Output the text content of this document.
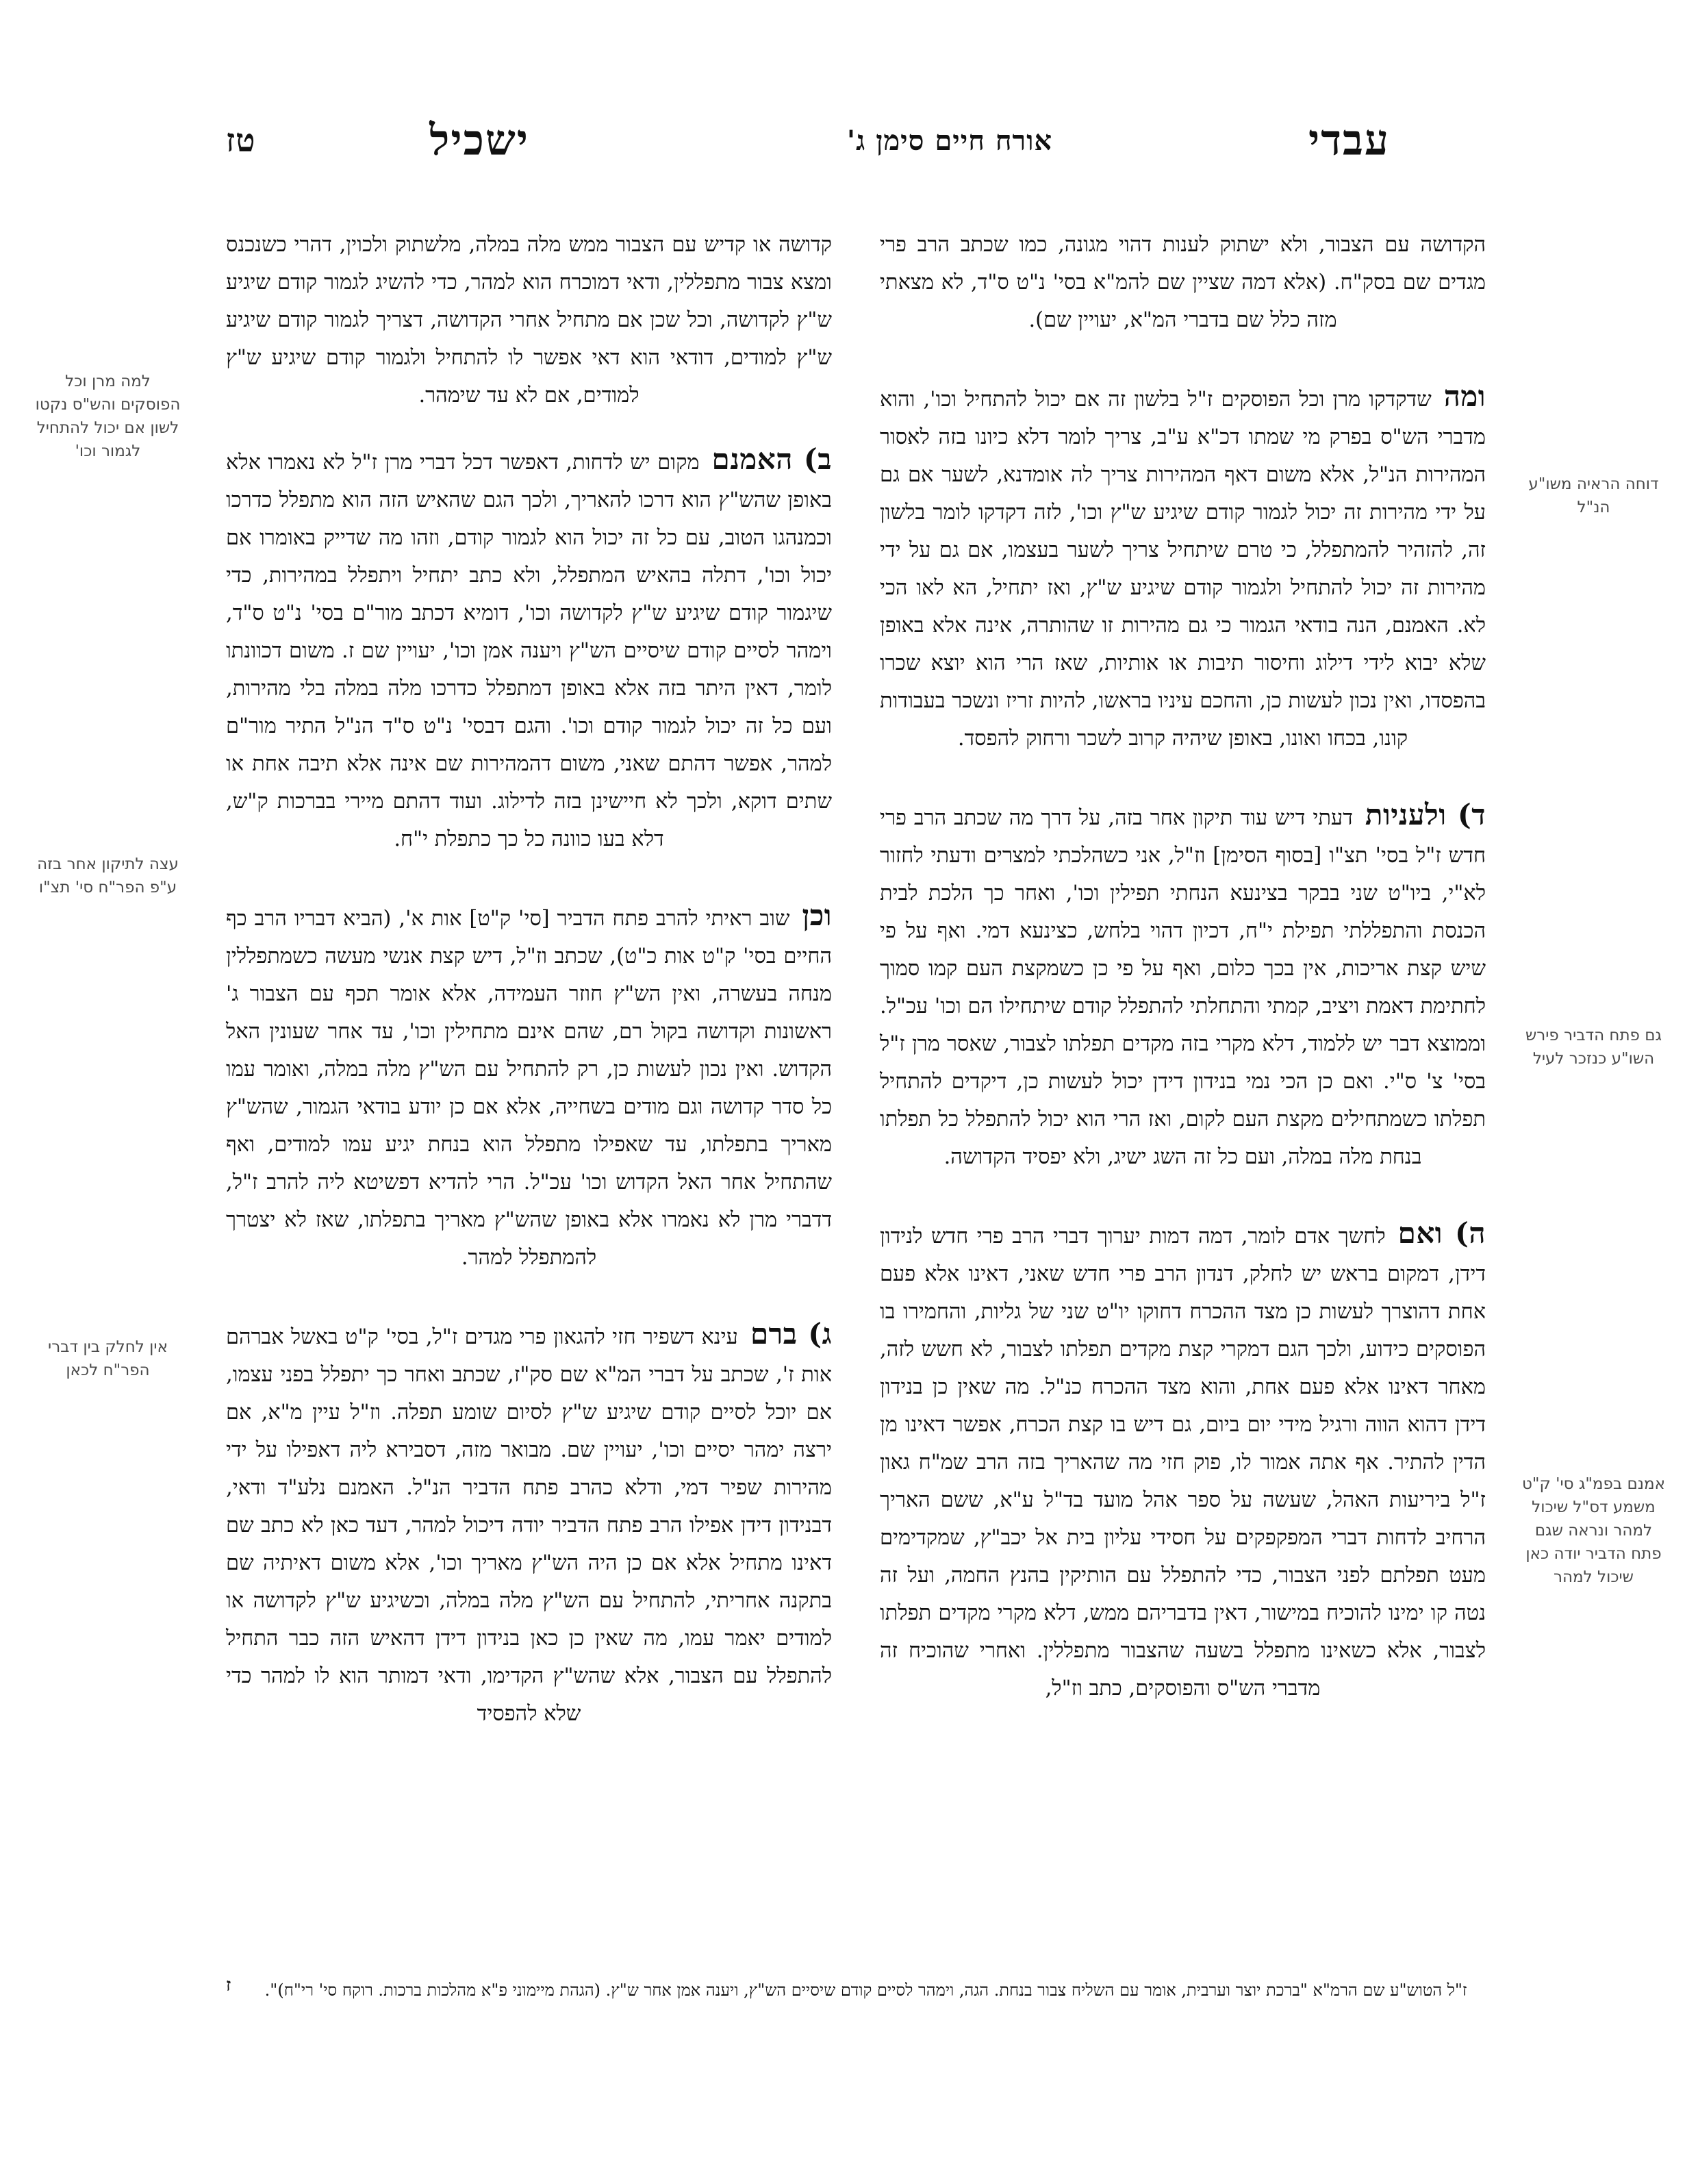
טז	ישכיל	אורח חיים סימן ג'	עבדי

קדושה או קדיש עם הצבור ממש מלה במלה, מלשתוק ולכוין, דהרי כשנכנס ומצא צבור מתפללין, ודאי דמוכרח הוא למהר, כדי להשיג לגמור קודם שיגיע ש"ץ לקדושה, וכל שכן אם מתחיל אחרי הקדושה, דצריך לגמור קודם שיגיע ש"ץ למודים, דודאי הוא דאי אפשר לו להתחיל ולגמור קודם שיגיע ש"ץ למודים, אם לא עד שימהר.

ב) האמנםמקום יש לדחות, דאפשר דכל דברי מרן ז"ל לא נאמרו אלא באופן שהש"ץ הוא דרכו להאריך, ולכך הגם שהאיש הזה הוא מתפלל כדרכו וכמנהגו הטוב, עם כל זה יכול הוא לגמור קודם, וזהו מה שדייק באומרו אם יכול וכו', דתלה בהאיש המתפלל, ולא כתב יתחיל ויתפלל במהירות, כדי שיגמור קודם שיגיע ש"ץ לקדושה וכו', דומיא דכתב מור"ם בסי' נ"ט ס"ד, וימהר לסיים קודם שיסיים הש"ץ ויענה אמן וכו', יעויין שם ז. משום דכוונתו לומר, דאין היתר בזה אלא באופן דמתפלל כדרכו מלה במלה בלי מהירות, ועם כל זה יכול לגמור קודם וכו'. והגם דבסי' נ"ט ס"ד הנ"ל התיר מור"ם למהר, אפשר דהתם שאני, משום דהמהירות שם אינה אלא תיבה אחת או שתים דוקא, ולכך לא חיישינן בזה לדילוג. ועוד דהתם מיירי בברכות ק"ש, דלא בעו כוונה כל כך כתפלת י"ח.

וכןשוב ראיתי להרב פתח הדביר [סי' ק"ט] אות א', (הביא דבריו הרב כף החיים בסי' ק"ט אות כ"ט), שכתב וז"ל, דיש קצת אנשי מעשה כשמתפללין מנחה בעשרה, ואין הש"ץ חוזר העמידה, אלא אומר תכף עם הצבור ג' ראשונות וקדושה בקול רם, שהם אינם מתחילין וכו', עד אחר שעונין האל הקדוש. ואין נכון לעשות כן, רק להתחיל עם הש"ץ מלה במלה, ואומר עמו כל סדר קדושה וגם מודים בשחייה, אלא אם כן יודע בודאי הגמור, שהש"ץ מאריך בתפלתו, עד שאפילו מתפלל הוא בנחת יגיע עמו למודים, ואף שהתחיל אחר האל הקדוש וכו' עכ"ל. הרי להדיא דפשיטא ליה להרב ז"ל, דדברי מרן לא נאמרו אלא באופן שהש"ץ מאריך בתפלתו, שאז לא יצטרך להמתפלל למהר.

ג) ברםעינא דשפיר חזי להגאון פרי מגדים ז"ל, בסי' ק"ט באשל אברהם אות ז', שכתב על דברי המ"א שם סק"ז, שכתב ואחר כך יתפלל בפני עצמו, אם יוכל לסיים קודם שיגיע ש"ץ לסיום שומע תפלה. וז"ל עיין מ"א, אם ירצה ימהר יסיים וכו', יעויין שם. מבואר מזה, דסבירא ליה דאפילו על ידי מהירות שפיר דמי, ודלא כהרב פתח הדביר הנ"ל. האמנם נלע"ד ודאי, דבנידון דידן אפילו הרב פתח הדביר יודה דיכול למהר, דעד כאן לא כתב שם דאינו מתחיל אלא אם כן היה הש"ץ מאריך וכו', אלא משום דאיתיה שם בתקנה אחריתי, להתחיל עם הש"ץ מלה במלה, וכשיגיע ש"ץ לקדושה או למודים יאמר עמו, מה שאין כן כאן בנידון דידן דהאיש הזה כבר התחיל להתפלל עם הצבור, אלא שהש"ץ הקדימו, ודאי דמותר הוא לו למהר כדי שלא להפסיד

הקדושה עם הצבור, ולא ישתוק לענות דהוי מגונה, כמו שכתב הרב פרי מגדים שם בסק"ח. (אלא דמה שציין שם להמ"א בסי' נ"ט ס"ד, לא מצאתי מזה כלל שם בדברי המ"א, יעויין שם).

ומהשדקדקו מרן וכל הפוסקים ז"ל בלשון זה אם יכול להתחיל וכו', והוא מדברי הש"ס בפרק מי שמתו דכ"א ע"ב, צריך לומר דלא כיונו בזה לאסור המהירות הנ"ל, אלא משום דאף המהירות צריך לה אומדנא, לשער אם גם על ידי מהירות זה יכול לגמור קודם שיגיע ש"ץ וכו', לזה דקדקו לומר בלשון זה, להזהיר להמתפלל, כי טרם שיתחיל צריך לשער בעצמו, אם גם על ידי מהירות זה יכול להתחיל ולגמור קודם שיגיע ש"ץ, ואז יתחיל, הא לאו הכי לא. האמנם, הנה בודאי הגמור כי גם מהירות זו שהותרה, אינה אלא באופן שלא יבוא לידי דילוג וחיסור תיבות או אותיות, שאז הרי הוא יוצא שכרו בהפסדו, ואין נכון לעשות כן, והחכם עיניו בראשו, להיות זריז ונשכר בעבודות קונו, בכחו ואונו, באופן שיהיה קרוב לשכר ורחוק להפסד.

ד) ולעניותדעתי דיש עוד תיקון אחר בזה, על דרך מה שכתב הרב פרי חדש ז"ל בסי' תצ"ו [בסוף הסימן] וז"ל, אני כשהלכתי למצרים ודעתי לחזור לא"י, ביו"ט שני בבקר בצינעא הנחתי תפילין וכו', ואחר כך הלכת לבית הכנסת והתפללתי תפילת י"ח, דכיון דהוי בלחש, כצינעא דמי. ואף על פי שיש קצת אריכות, אין בכך כלום, ואף על פי כן כשמקצת העם קמו סמוך לחתימת דאמת ויציב, קמתי והתחלתי להתפלל קודם שיתחילו הם וכו' עכ"ל. וממוצא דבר יש ללמוד, דלא מקרי בזה מקדים תפלתו לצבור, שאסר מרן ז"ל בסי' צ' ס"י. ואם כן הכי נמי בנידון דידן יכול לעשות כן, דיקדים להתחיל תפלתו כשמתחילים מקצת העם לקום, ואז הרי הוא יכול להתפלל כל תפלתו בנחת מלה במלה, ועם כל זה השג ישיג, ולא יפסיד הקדושה.

ה) ואםלחשך אדם לומר, דמה דמות יערוך דברי הרב פרי חדש לנידון דידן, דמקום בראש יש לחלק, דנדון הרב פרי חדש שאני, דאינו אלא פעם אחת דהוצרך לעשות כן מצד ההכרח דחוקו יו"ט שני של גליות, והחמירו בו הפוסקים כידוע, ולכך הגם דמקרי קצת מקדים תפלתו לצבור, לא חשש לזה, מאחר דאינו אלא פעם אחת, והוא מצד ההכרח כנ"ל. מה שאין כן בנידון דידן דהוא הווה ורגיל מידי יום ביום, גם דיש בו קצת הכרח, אפשר דאינו מן הדין להתיר. אף אתה אמור לו, פוק חזי מה שהאריך בזה הרב שמ"ח גאון ז"ל ביריעות האהל, שעשה על ספר אהל מועד בד"ל ע"א, ששם האריך הרחיב לדחות דברי המפקפקים על חסידי עליון בית אל יכב"ץ, שמקדימים מעט תפלתם לפני הצבור, כדי להתפלל עם הותיקין בהנץ החמה, ועל זה נטה קו ימינו להוכיח במישור, דאין בדבריהם ממש, דלא מקרי מקדים תפלתו לצבור, אלא כשאינו מתפלל בשעה שהצבור מתפללין. ואחרי שהוכיח זה מדברי הש"ס והפוסקים, כתב וז"ל,

דוחה הראיה משו"ע הנ"ל
גם פתח הדביר פירש השו"ע כנזכר לעיל
אמנם בפמ"ג סי' ק"ט משמע דס"ל שיכול למהר ונראה שגם פתח הדביר יודה כאן שיכול למהר
למה מרן וכל הפוסקים והש"ס נקטו לשון אם יכול להתחיל לגמור וכו'
עצה לתיקון אחר בזה ע"פ הפר"ח סי' תצ"ו
אין לחלק בין דברי הפר"ח לכאן
ז	ז"ל הטוש"ע שם הרמ"א "ברכת יוצר וערבית, אומר עם השליח צבור בנחת. הגה, וימהר לסיים קודם שיסיים הש"ץ, ויענה אמן אחר ש"ץ. (הגהת מיימוני פ"א מהלכות ברכות. רוקח סי' רי"ח)".
